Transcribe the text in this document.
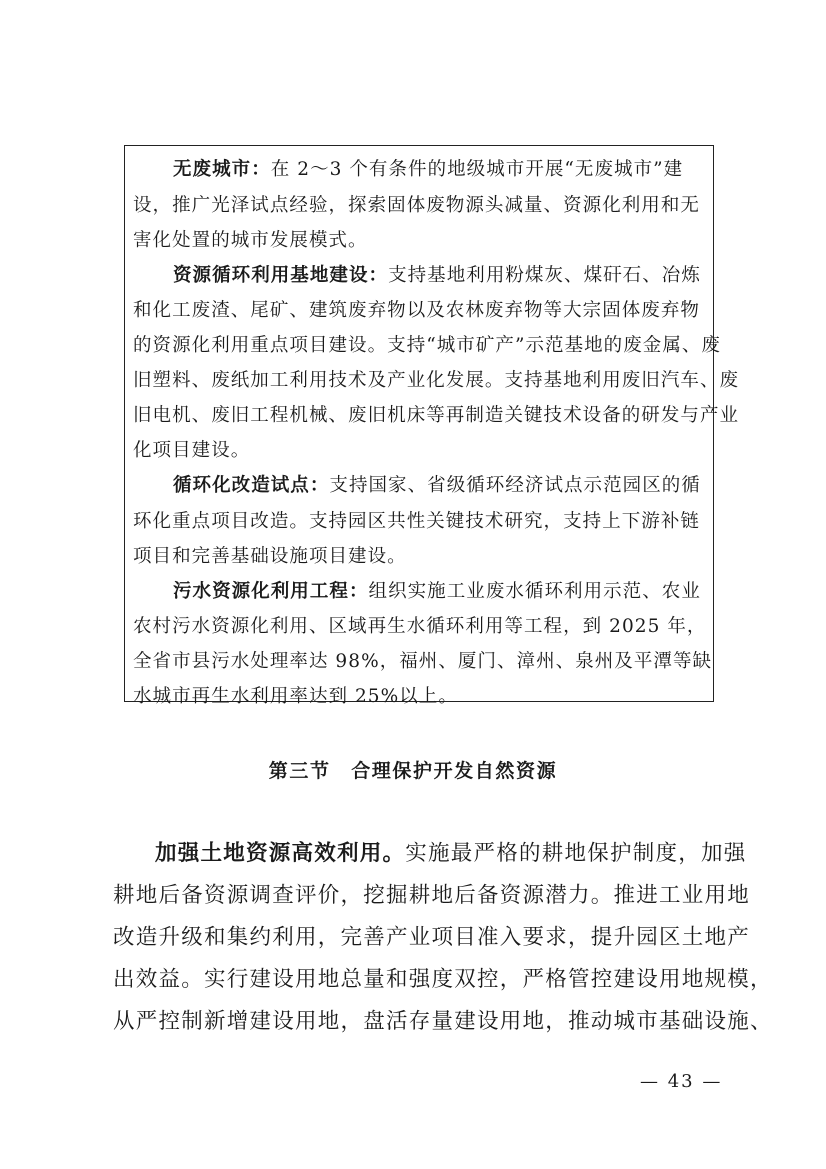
无废城市：在 2～3 个有条件的地级城市开展“无废城市”建
设，推广光泽试点经验，探索固体废物源头减量、资源化利用和无
害化处置的城市发展模式。
资源循环利用基地建设：支持基地利用粉煤灰、煤矸石、冶炼
和化工废渣、尾矿、建筑废弃物以及农林废弃物等大宗固体废弃物
的资源化利用重点项目建设。支持“城市矿产”示范基地的废金属、废
旧塑料、废纸加工利用技术及产业化发展。支持基地利用废旧汽车、废
旧电机、废旧工程机械、废旧机床等再制造关键技术设备的研发与产业
化项目建设。
循环化改造试点：支持国家、省级循环经济试点示范园区的循
环化重点项目改造。支持园区共性关键技术研究，支持上下游补链
项目和完善基础设施项目建设。
污水资源化利用工程：组织实施工业废水循环利用示范、农业
农村污水资源化利用、区域再生水循环利用等工程，到 2025 年，
全省市县污水处理率达 98%，福州、厦门、漳州、泉州及平潭等缺
水城市再生水利用率达到 25%以上。
第三节　合理保护开发自然资源
加强土地资源高效利用。实施最严格的耕地保护制度，加强
耕地后备资源调查评价，挖掘耕地后备资源潜力。推进工业用地
改造升级和集约利用，完善产业项目准入要求，提升园区土地产
出效益。实行建设用地总量和强度双控，严格管控建设用地规模，
从严控制新增建设用地，盘活存量建设用地，推动城市基础设施、
— 43 —
